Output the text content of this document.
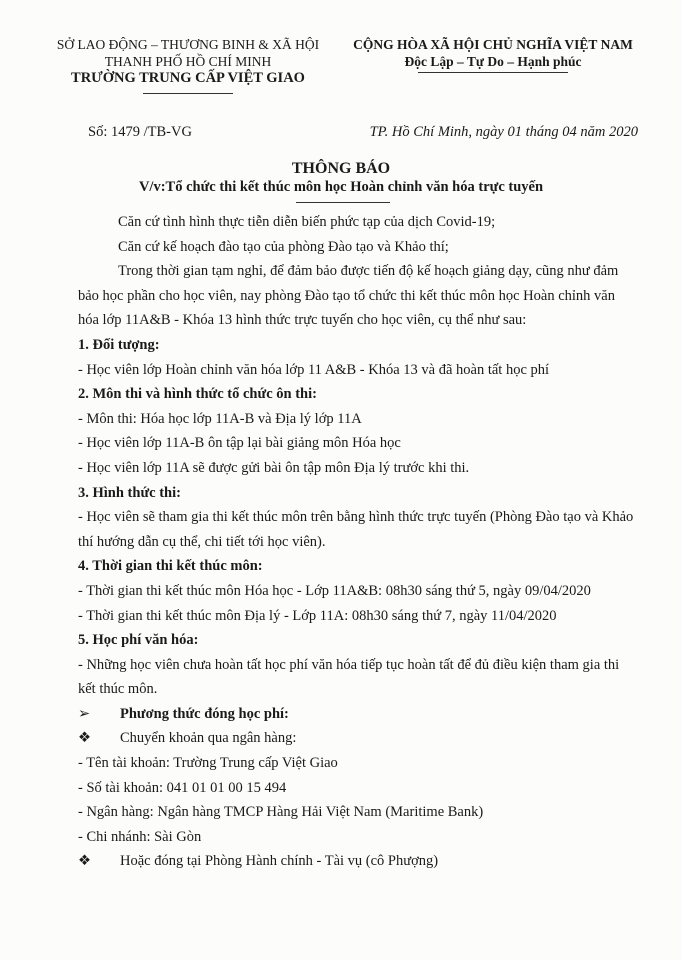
SỞ LAO ĐỘNG – THƯƠNG BINH & XÃ HỘI
THANH PHỐ HỒ CHÍ MINH
TRƯỜNG TRUNG CẤP VIỆT GIAO
CỘNG HÒA XÃ HỘI CHỦ NGHĨA VIỆT NAM
Độc Lập – Tự Do – Hạnh phúc
Số: 1479 /TB-VG	TP. Hồ Chí Minh, ngày 01 tháng 04 năm 2020
THÔNG BÁO
V/v:Tổ chức thi kết thúc môn học Hoàn chỉnh văn hóa trực tuyến

Căn cứ tình hình thực tiễn diễn biến phức tạp của dịch Covid-19;

Căn cứ kế hoạch đào tạo của phòng Đào tạo và Khảo thí;

Trong thời gian tạm nghỉ, để đảm bảo được tiến độ kế hoạch giảng dạy, cũng như đảm bảo học phần cho học viên, nay phòng Đào tạo tổ chức thi kết thúc môn học Hoàn chỉnh văn hóa lớp 11A&B - Khóa 13 hình thức trực tuyến cho học viên, cụ thể như sau:

1. Đối tượng:

- Học viên lớp Hoàn chỉnh văn hóa lớp 11 A&B - Khóa 13 và đã hoàn tất học phí

2. Môn thi và hình thức tổ chức ôn thi:

- Môn thi: Hóa học lớp 11A-B và Địa lý lớp 11A

- Học viên lớp 11A-B ôn tập lại bài giảng môn Hóa học

- Học viên lớp 11A sẽ được gửi bài ôn tập môn Địa lý trước khi thi.

3. Hình thức thi:

- Học viên sẽ tham gia thi kết thúc môn trên bằng hình thức trực tuyến (Phòng Đào tạo và Khảo thí hướng dẫn cụ thể, chi tiết tới học viên).

4. Thời gian thi kết thúc môn:

- Thời gian thi kết thúc môn Hóa học - Lớp 11A&B: 08h30 sáng thứ 5, ngày 09/04/2020

- Thời gian thi kết thúc môn Địa lý - Lớp 11A: 08h30 sáng thứ 7, ngày 11/04/2020

5. Học phí văn hóa:

- Những học viên chưa hoàn tất học phí văn hóa tiếp tục hoàn tất để đủ điều kiện tham gia thi kết thúc môn.

➢	Phương thức đóng học phí:
❖	Chuyển khoản qua ngân hàng:

- Tên tài khoản: Trường Trung cấp Việt Giao

- Số tài khoản: 041 01 01 00 15 494

- Ngân hàng: Ngân hàng TMCP Hàng Hải Việt Nam (Maritime Bank)

- Chi nhánh: Sài Gòn

❖	Hoặc đóng tại Phòng Hành chính - Tài vụ (cô Phượng)
